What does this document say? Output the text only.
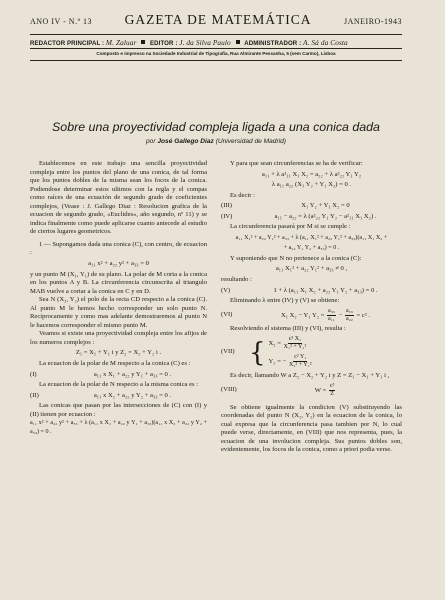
ANO IV - N.º 13 GAZETA DE MATEMÁTICA	JANEIRO-1943
REDACTOR PRINCIPAL : M. Zaluar EDITOR : J. da Silva Paulo ADMINISTRADOR : A. Sá da Costa
Composto e impresso na Sociedade Industrial de Tipografia, Rua Almirante Pessanha, 5 (sem Carmo), Lisboa
Sobre una proyectividad compleja ligada a una conica dada
por José Gallego Diaz (Universidad de Madrid)

Establecemos en este trabajo una sencilla proyectividad compleja entre los puntos del plano de una conica, de tal forma que los puntos dobles de la misma sean los focos de la conica. Podiendose determinar estos ultimos con la regla y el compas como raíces de una ecuación de segundo grado de coeficientes complejos, (Vease : J. Gallego Diaz : Resolucion grafica de la ecuacion de segundo grado, «Euclides», año segundo, nº 11) y se indica finalmente como puede aplicarse cuanto antecede al estudio de ciertos lugares geometricos.

1 — Supongamos dada una conica (C), con centro, de ecuacion :

a₁₁ x² + a₂₂ y² + a₃₃ = 0

y un punto M (X₁, Y₁) de su plano. La polar de M corta a la conica en los puntos A y B. La circunferencia circunscrita al triangulo MAB vuelve a cortar a la conica en C y en D.

Sea N (X₂, Y₂) el polo de la recta CD respecto a la conica (C). Al punto M le hemos hecho corresponder un solo punto N. Reciprocamente y como mas adelante demostraremos al punto N le hacemos corresponder el mismo punto M.

Veamos si existe una proyectividad compleja entre los afijos de los numeros complejos :

Z₁ = X₁ + Y₁ i y Z₂ = X₂ + Y₂ i .

La ecuacion de la polar de M respecto a la conica (C) es :

(I)	a₁₁ x X₁ + a₂₂ y Y₁ + a₃₃ = 0 .

La ecuacion de la polar de N respecto a la misma conica es :

(II)	a₁₁ x X₂ + a₂₂ y Y₂ + a₃₃ = 0 .

Las conicas que pasan por las intersecciones de (C) con (I) y (II) tienen por ecuacion :

a₁₁ x² + a₂₂ y² + a₃₃ + λ (a₁₁ x X₁ + a₂₂ y Y₁ + a₃₃)(a₁₁ x X₂ + a₂₂ y Y₂ + a₃₃) = 0 .

Y para que sean circunferencias se ha de verificar:

a₁₁ + λ a²₁₁ X₁ X₂ = a₂₂ + λ a²₂₂ Y₁ Y₂
λ a₁₁ a₂₂ (X₁ Y₂ + Y₁ X₂) = 0 .

Es decir :

(III)	X₁ Y₂ + Y₁ X₂ = 0
(IV)	a₁₁ − a₂₂ = λ (a²₂₂ Y₁ Y₂ − a²₁₁ X₁ X₂) .

La circunferencia pasará por M si se cumple :

a₁₁ X₁² + a₂₂ Y₁² + a₃₃ + λ (a₁₁ X₁² + a₂₂ Y₁² + a₃₃)(a₁₁ X₁ X₂ +
+ a₂₂ Y₁ Y₂ + a₃₃) = 0 .

Y suponiendo que N no pertenece a la conica (C):

a₁₁ X₁² + a₂₂ Y₁² + a₃₃ ≠ 0 ,

resultando :

(V)	1 + λ (a₁₁ X₁ X₂ + a₂₂ Y₁ Y₂ + a₃₃) = 0 .

Eliminando λ entre (IV) y (V) se obtiene:

(VI)	X₁ X₂ − Y₁ $Y_2 = \frac{\text{a₃₃}}{\text{a₁₁}} - \frac{\text{a₃₃}}{\text{a₂₂}} = c^2$ .

Resolviendo el sistema (III) y (VI), resulta :

(VII) { $X_2 = \frac{\text{c² X₁}}{\text{X₁² + Y₁²}}$
Y₂ = − $\frac{\text{c² Y₁}}{\text{X₁² + Y₁²}}$

Es decir, llamando W a Z₂ − X₂ + Y₂ i y Z = Z₁ − X₁ + Y₁ i ,

(VIII)	$W = \frac{\text{c²}}{Z}$

Se obtiene igualmente la condicion (V) substituyendo las coordenadas del punto N (X₂, Y₂) en la ecuacion de la conica, lo cual expresa que la circunferencia pasa tambien por N, lo cual puede verse, directamente, en (VIII) que nos representa, pues, la ecuacion de una involucion compleja. Sus puntos dobles son, evidentemente, los focos de la conica, como a priori podia verse.
